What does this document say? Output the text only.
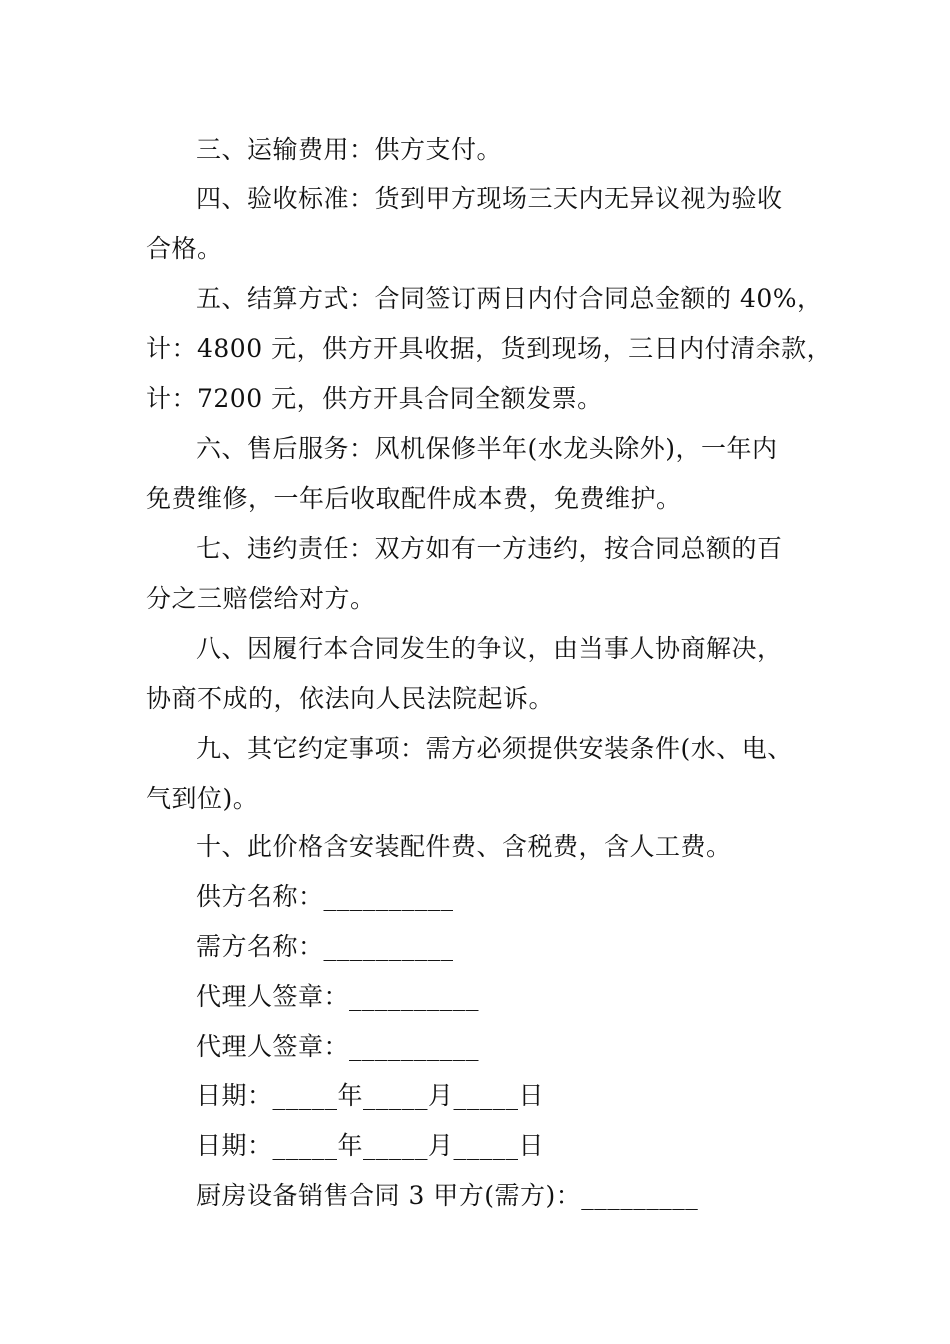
三、运输费用：供方支付。
四、验收标准：货到甲方现场三天内无异议视为验收
合格。
五、结算方式：合同签订两日内付合同总金额的 40%，
计：4800 元，供方开具收据，货到现场，三日内付清余款，
计：7200 元，供方开具合同全额发票。
六、售后服务：风机保修半年(水龙头除外)，一年内
免费维修，一年后收取配件成本费，免费维护。
七、违约责任：双方如有一方违约，按合同总额的百
分之三赔偿给对方。
八、因履行本合同发生的争议，由当事人协商解决，
协商不成的，依法向人民法院起诉。
九、其它约定事项：需方必须提供安装条件(水、电、
气到位)。
十、此价格含安装配件费、含税费，含人工费。
供方名称：__________
需方名称：__________
代理人签章：__________
代理人签章：__________
日期：_____年_____月_____日
日期：_____年_____月_____日
厨房设备销售合同 3 甲方(需方)：_________
